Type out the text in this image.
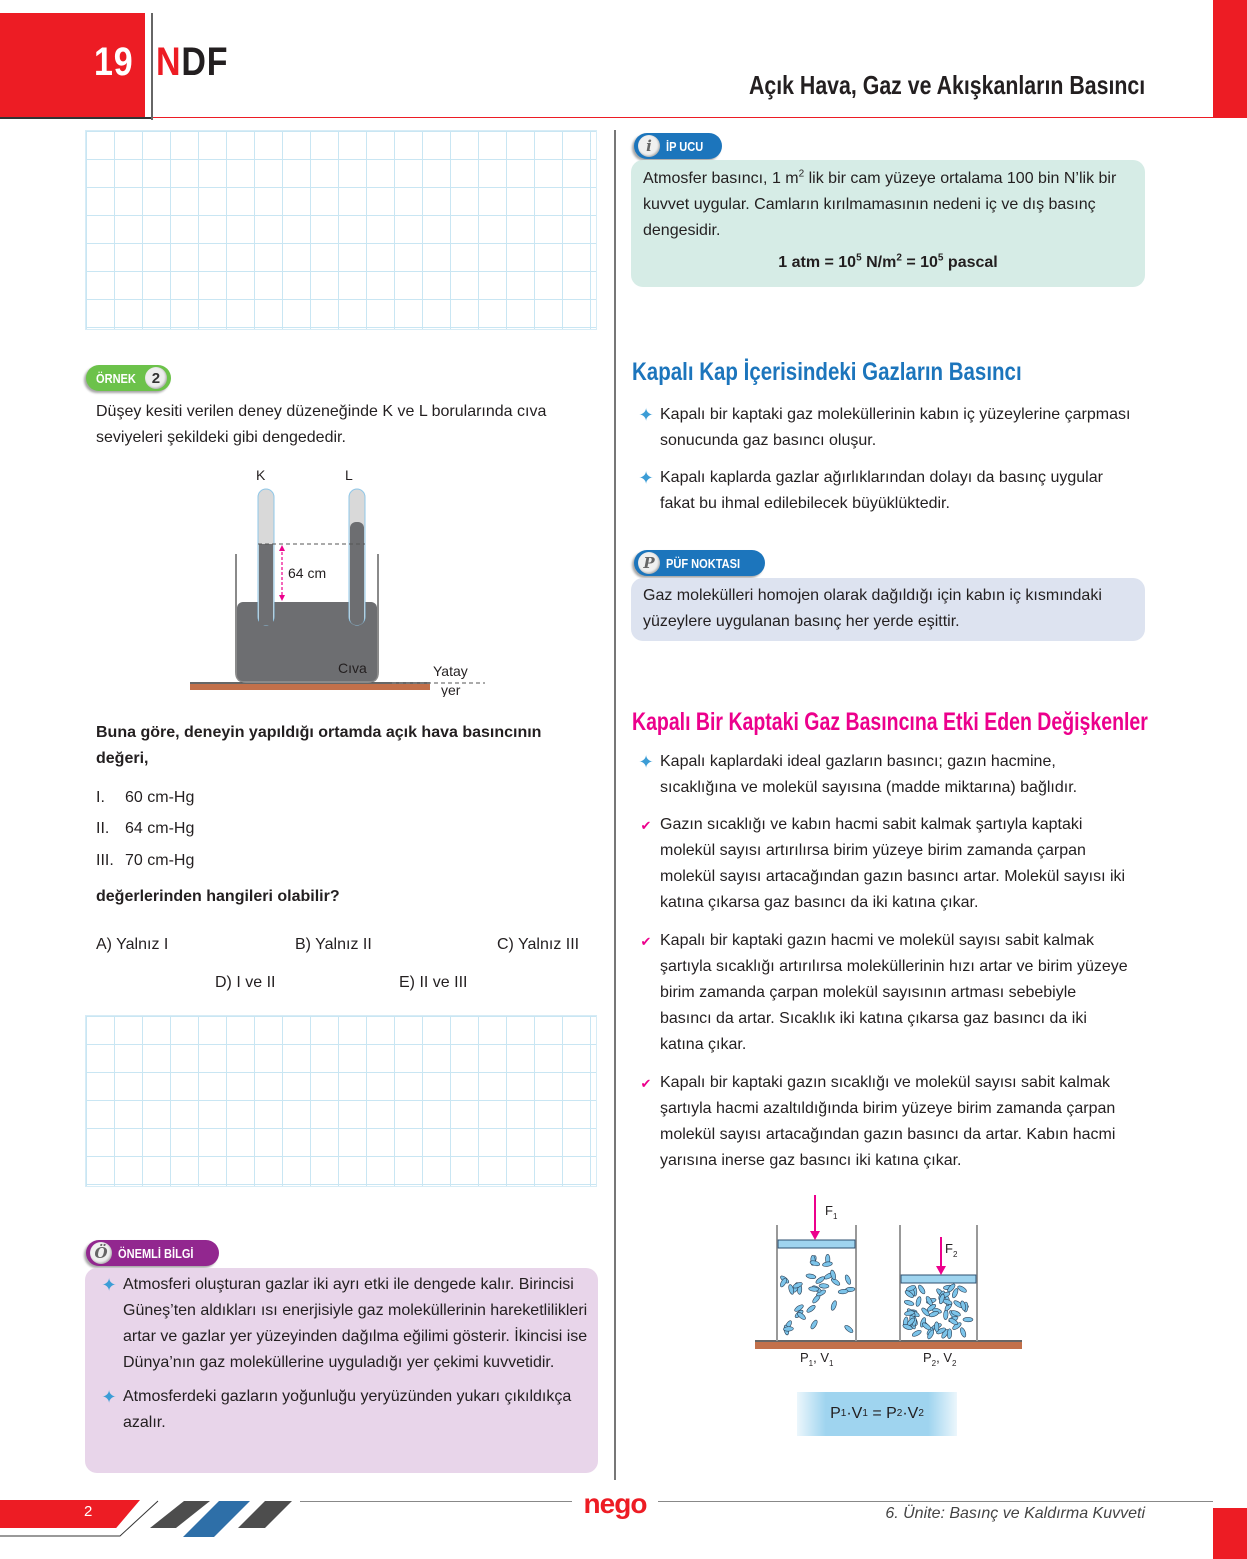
19 NDF
Açık Hava, Gaz ve Akışkanların Basıncı
ÖRNEK	2
Düşey kesiti verilen deney düzeneğinde K ve L borularında cıva seviyeleri şekildeki gibi dengededir.
K	L
64 cm
Cıva	Yatay
yer
Buna göre, deneyin yapıldığı ortamda açık hava basıncının değeri,
I. 60 cm-Hg
II. 64 cm-Hg
III. 70 cm-Hg
değerlerinden hangileri olabilir?
A) Yalnız I	B) Yalnız II	C) Yalnız III
D) I ve II	E) II ve III
Ö ÖNEMLİ BİLGİ
✦ Atmosferi oluşturan gazlar iki ayrı etki ile dengede kalır. Birincisi Güneş’ten aldıkları ısı enerjisiyle gaz moleküllerinin hareketlilikleri artar ve gazlar yer yüzeyinden dağılma eğilimi gösterir. İkincisi ise Dünya’nın gaz moleküllerine uyguladığı yer çekimi kuvvetidir.
✦ Atmosferdeki gazların yoğunluğu yeryüzünden yukarı çıkıldıkça azalır.
i	İP UCU
Atmosfer basıncı, 1 $m^2$ lik bir cam yüzeye ortalama 100 bin N’lik bir kuvvet uygular. Camların kırılmamasının nedeni iç ve dış basınç dengesidir.
1 atm = $10^5$ $N/m^2 = 10^5$ pascal
Kapalı Kap İçerisindeki Gazların Basıncı
✦ Kapalı bir kaptaki gaz moleküllerinin kabın iç yüzeylerine çarpması sonucunda gaz basıncı oluşur.
✦ Kapalı kaplarda gazlar ağırlıklarından dolayı da basınç uygular fakat bu ihmal edilebilecek büyüklüktedir.
P PÜF NOKTASI
Gaz molekülleri homojen olarak dağıldığı için kabın iç kısmındaki yüzeylere uygulanan basınç her yerde eşittir.
Kapalı Bir Kaptaki Gaz Basıncına Etki Eden Değişkenler
✦ Kapalı kaplardaki ideal gazların basıncı; gazın hacmine, sıcaklığına ve molekül sayısına (madde miktarına) bağlıdır.
✔ Gazın sıcaklığı ve kabın hacmi sabit kalmak şartıyla kaptaki molekül sayısı artırılırsa birim yüzeye birim zamanda çarpan molekül sayısı artacağından gazın basıncı artar. Molekül sayısı iki katına çıkarsa gaz basıncı da iki katına çıkar.
✔ Kapalı bir kaptaki gazın hacmi ve molekül sayısı sabit kalmak şartıyla sıcaklığı artırılırsa moleküllerinin hızı artar ve birim yüzeye birim zamanda çarpan molekül sayısının artması sebebiyle basıncı da artar. Sıcaklık iki katına çıkarsa gaz basıncı da iki katına çıkar.
✔ Kapalı bir kaptaki gazın sıcaklığı ve molekül sayısı sabit kalmak şartıyla hacmi azaltıldığında birim yüzeye birim zamanda çarpan molekül sayısı artacağından gazın basıncı da artar. Kabın hacmi yarısına inerse gaz basıncı iki katına çıkar.
$F_1$
$F_2$
$P_1$, $V_1$	$P_2$, $V_2$
P 1 ·V 1 = P 2 ·V 2
2	nego	6. Ünite: Basınç ve Kaldırma Kuvveti
